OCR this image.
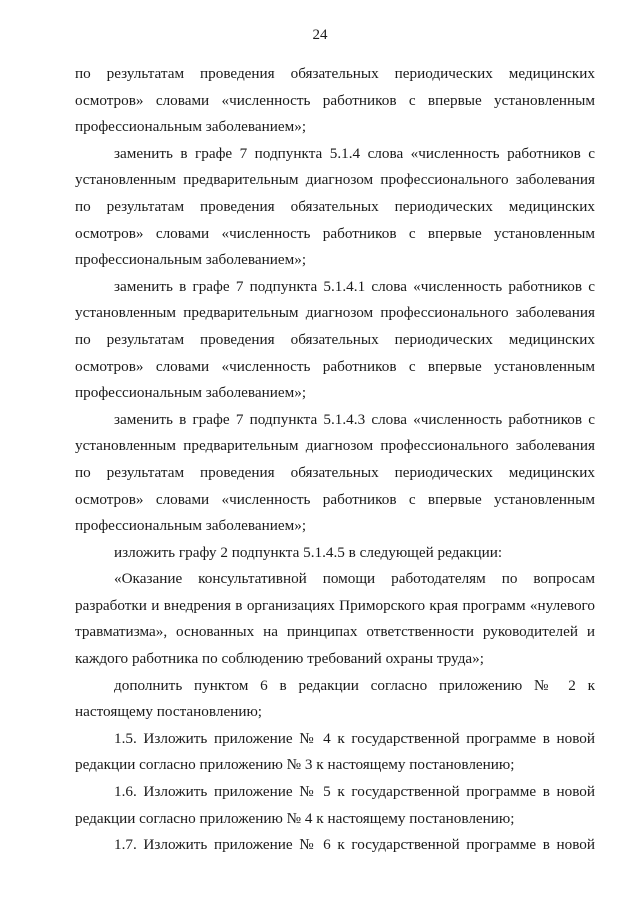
24

по результатам проведения обязательных периодических медицинских осмотров» словами «численность работников с впервые установленным профессиональным заболеванием»;

заменить в графе 7 подпункта 5.1.4 слова «численность работников с установленным предварительным диагнозом профессионального заболевания по результатам проведения обязательных периодических медицинских осмотров» словами «численность работников с впервые установленным профессиональным заболеванием»;

заменить в графе 7 подпункта 5.1.4.1 слова «численность работников с установленным предварительным диагнозом профессионального заболевания по результатам проведения обязательных периодических медицинских осмотров» словами «численность работников с впервые установленным профессиональным заболеванием»;

заменить в графе 7 подпункта 5.1.4.3 слова «численность работников с установленным предварительным диагнозом профессионального заболевания по результатам проведения обязательных периодических медицинских осмотров» словами «численность работников с впервые установленным профессиональным заболеванием»;

изложить графу 2 подпункта 5.1.4.5 в следующей редакции:

«Оказание консультативной помощи работодателям по вопросам разработки и внедрения в организациях Приморского края программ «нулевого травматизма», основанных на принципах ответственности руководителей и каждого работника по соблюдению требований охраны труда»;

дополнить пунктом 6 в редакции согласно приложению № 2 к настоящему постановлению;

1.5. Изложить приложение № 4 к государственной программе в новой редакции согласно приложению № 3 к настоящему постановлению;

1.6. Изложить приложение № 5 к государственной программе в новой редакции согласно приложению № 4 к настоящему постановлению;

1.7. Изложить приложение № 6 к государственной программе в новой
